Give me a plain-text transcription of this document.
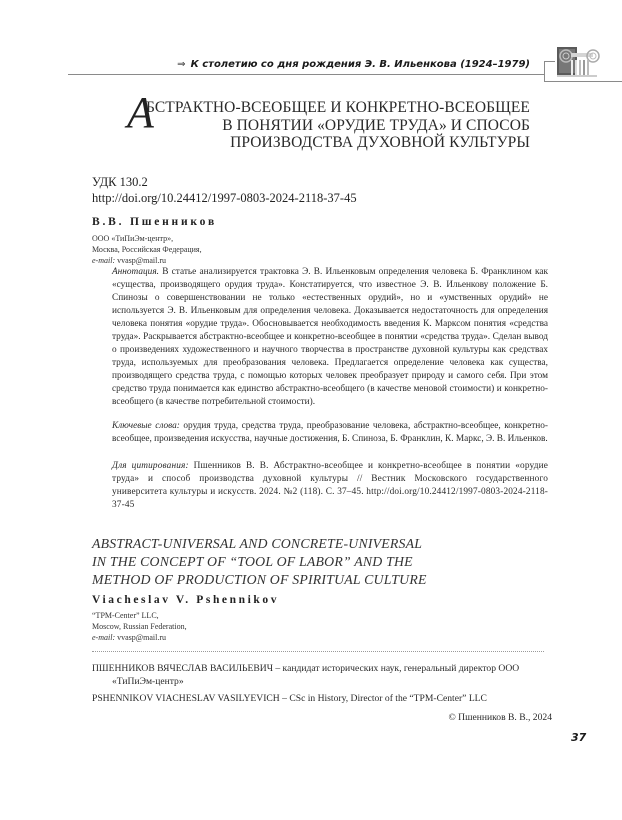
⇒ К столетию со дня рождения Э. В. Ильенкова (1924–1979)
А
БСТРАКТНО-ВСЕОБЩЕЕ И КОНКРЕТНО-ВСЕОБЩЕЕ
В ПОНЯТИИ «ОРУДИЕ ТРУДА» И СПОСОБ
ПРОИЗВОДСТВА ДУХОВНОЙ КУЛЬТУРЫ
УДК 130.2
http://doi.org/10.24412/1997-0803-2024-2118-37-45
В.В. Пшенников
ООО «ТиПиЭм-центр»,
Москва, Российская Федерация,
e-mail: vvasp@mail.ru
Аннотация. В статье анализируется трактовка Э. В. Ильенковым определения человека Б. Франклином как «существа, производящего орудия труда». Констатируется, что известное Э. В. Ильенкову положение Б. Спинозы о совершенствовании не только «естественных орудий», но и «умственных орудий» не используется Э. В. Ильенковым для определения человека. Доказывается недостаточность для определения человека понятия «орудие труда». Обосновывается необходимость введения К. Марксом понятия «средства труда». Раскрывается абстрактно-всеобщее и конкретно-всеобщее в понятии «средства труда». Сделан вывод о произведениях художественного и научного творчества в пространстве духовной культуры как средствах труда, используемых для преобразования человека. Предлагается определение человека как существа, производящего средства труда, с помощью которых человек преобразует природу и самого себя. При этом средство труда понимается как единство абстрактно-всеобщего (в качестве меновой стоимости) и конкретно-всеобщего (в качестве потребительной стоимости).
Ключевые слова: орудия труда, средства труда, преобразование человека, абстрактно-всеобщее, конкретно-всеобщее, произведения искусства, научные достижения, Б. Спиноза, Б. Франклин, К. Маркс, Э. В. Ильенков.
Для цитирования: Пшенников В. В. Абстрактно-всеобщее и конкретно-всеобщее в понятии «орудие труда» и способ производства духовной культуры // Вестник Московского государственного университета культуры и искусств. 2024. №2 (118). С. 37–45. http://doi.org/10.24412/1997-0803-2024-2118-37-45
ABSTRACT-UNIVERSAL AND CONCRETE-UNIVERSAL
IN THE CONCEPT OF “TOOL OF LABOR” AND THE
METHOD OF PRODUCTION OF SPIRITUAL CULTURE
Viacheslav V. Pshennikov
“TPM-Center” LLC,
Moscow, Russian Federation,
e-mail: vvasp@mail.ru
ПШЕННИКОВ ВЯЧЕСЛАВ ВАСИЛЬЕВИЧ – кандидат исторических наук, генеральный директор ООО
«ТиПиЭм-центр»
PSHENNIKOV VIACHESLAV VASILYEVICH – CSc in History, Director of the “TPM-Center” LLC
© Пшенников В. В., 2024
37
